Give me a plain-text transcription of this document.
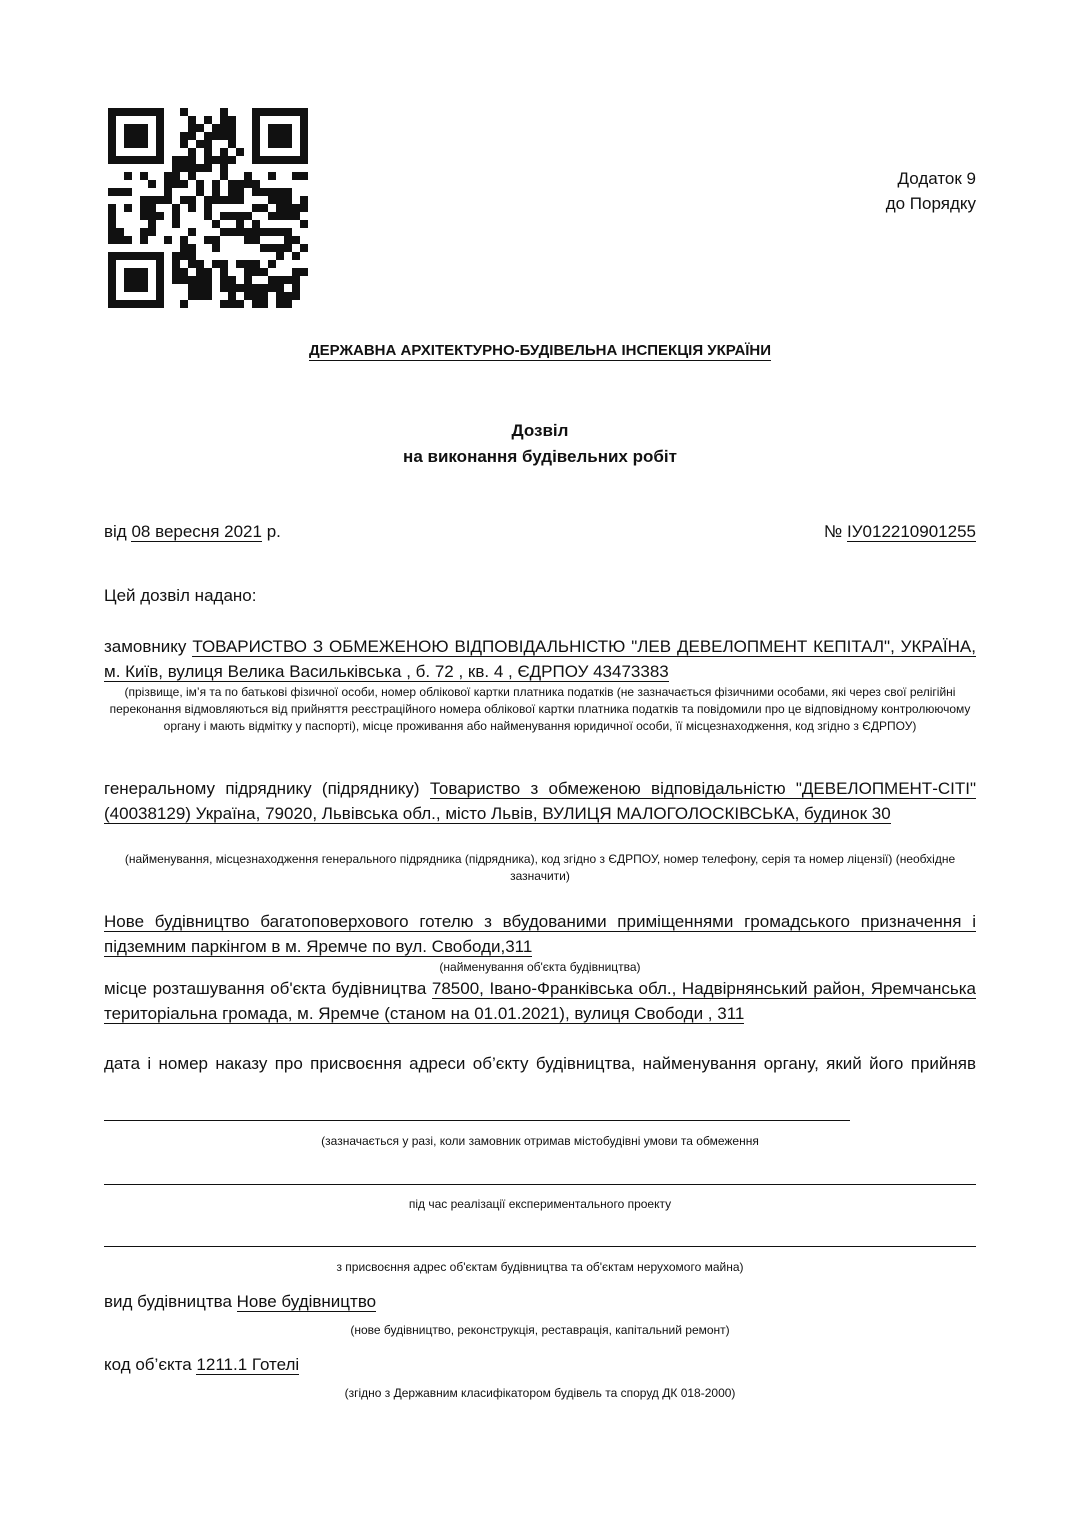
Додаток 9
до Порядку
ДЕРЖАВНА АРХІТЕКТУРНО-БУДІВЕЛЬНА ІНСПЕКЦІЯ УКРАЇНИ
Дозвіл
на виконання будівельних робіт
від 08 вересня 2021 р.	№ ІУ012210901255
Цей дозвіл надано:
замовнику ТОВАРИСТВО З ОБМЕЖЕНОЮ ВІДПОВІДАЛЬНІСТЮ "ЛЕВ ДЕВЕЛОПМЕНТ КЕПІТАЛ", УКРАЇНА, м. Київ, вулиця Велика Васильківська , б. 72 , кв. 4 , ЄДРПОУ 43473383
(прізвище, ім’я та по батькові фізичної особи, номер облікової картки платника податків (не зазначається фізичними особами, які через свої релігійні переконання відмовляються від прийняття реєстраційного номера облікової картки платника податків та повідомили про це відповідному контролюючому органу і мають відмітку у паспорті), місце проживання або найменування юридичної особи, її місцезнаходження, код згідно з ЄДРПОУ)
генеральному підряднику (підряднику) Товариство з обмеженою відповідальністю "ДЕВЕЛОПМЕНТ-СІТІ" (40038129) Україна, 79020, Львівська обл., місто Львів, ВУЛИЦЯ МАЛОГОЛОСКІВСЬКА, будинок 30
(найменування, місцезнаходження генерального підрядника (підрядника), код згідно з ЄДРПОУ, номер телефону, серія та номер ліцензії) (необхідне зазначити)
Нове будівництво багатоповерхового готелю з вбудованими приміщеннями громадського призначення і підземним паркінгом в м. Яремче по вул. Свободи,311
(найменування об'єкта будівництва)
місце розташування об'єкта будівництва 78500, Івано-Франківська обл., Надвірнянський район, Яремчанська територіальна громада, м. Яремче (станом на 01.01.2021), вулиця Свободи , 311
дата і номер наказу про присвоєння адреси об’єкту будівництва, найменування органу, який його прийняв
(зазначається у разі, коли замовник отримав містобудівні умови та обмеження
під час реалізації експериментального проекту
з присвоєння адрес об'єктам будівництва та об'єктам нерухомого майна)
вид будівництва Нове будівництво
(нове будівництво, реконструкція, реставрація, капітальний ремонт)
код об’єкта 1211.1 Готелі
(згідно з Державним класифікатором будівель та споруд ДК 018-2000)
